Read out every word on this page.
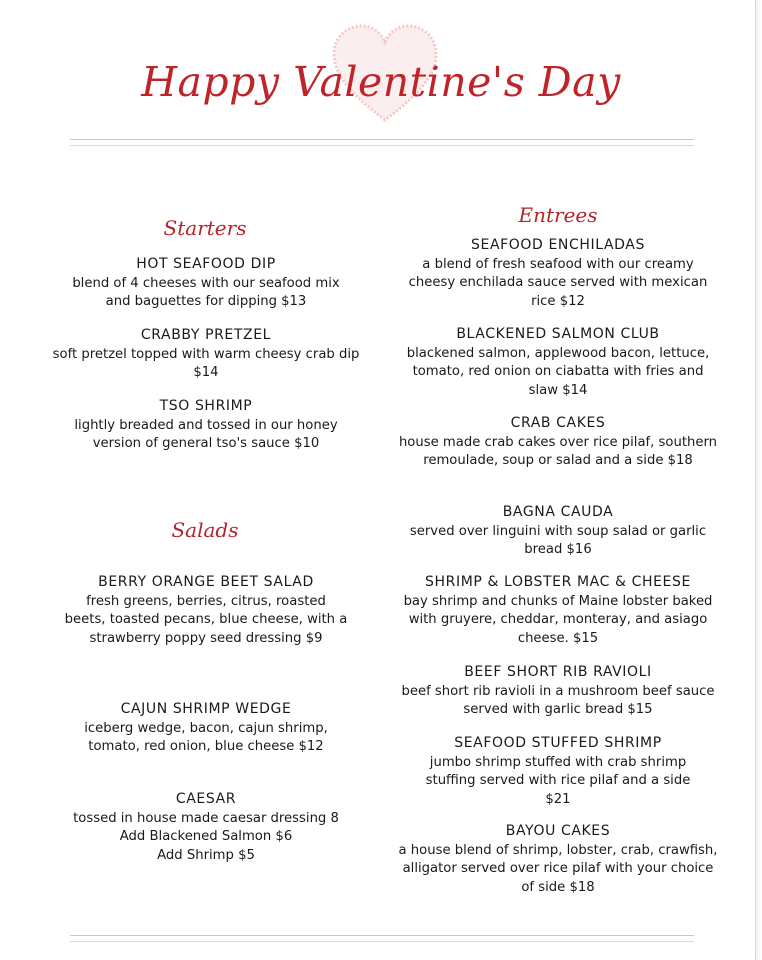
Happy Valentine's Day
Starters
HOT SEAFOOD DIP
blend of 4 cheeses with our seafood mix and baguettes for dipping $13
CRABBY PRETZEL
soft pretzel topped with warm cheesy crab dip $14
TSO SHRIMP
lightly breaded and tossed in our honey version of general tso's sauce $10
Salads
BERRY ORANGE BEET SALAD
fresh greens, berries, citrus, roasted beets, toasted pecans, blue cheese, with a strawberry poppy seed dressing $9
CAJUN SHRIMP WEDGE
iceberg wedge, bacon, cajun shrimp, tomato, red onion, blue cheese $12
CAESAR
tossed in house made caesar dressing 8
Add Blackened Salmon $6
Add Shrimp $5
Entrees
SEAFOOD ENCHILADAS
a blend of fresh seafood with our creamy cheesy enchilada sauce served with mexican rice $12
BLACKENED SALMON CLUB
blackened salmon, applewood bacon, lettuce, tomato, red onion on ciabatta with fries and slaw $14
CRAB CAKES
house made crab cakes over rice pilaf, southern remoulade, soup or salad and a side $18
BAGNA CAUDA
served over linguini with soup salad or garlic bread $16
SHRIMP & LOBSTER MAC & CHEESE
bay shrimp and chunks of Maine lobster baked with gruyere, cheddar, monteray, and asiago cheese. $15
BEEF SHORT RIB RAVIOLI
beef short rib ravioli in a mushroom beef sauce served with garlic bread $15
SEAFOOD STUFFED SHRIMP
jumbo shrimp stuffed with crab shrimp stuffing served with rice pilaf and a side $21
BAYOU CAKES
a house blend of shrimp, lobster, crab, crawfish, alligator served over rice pilaf with your choice of side $18
